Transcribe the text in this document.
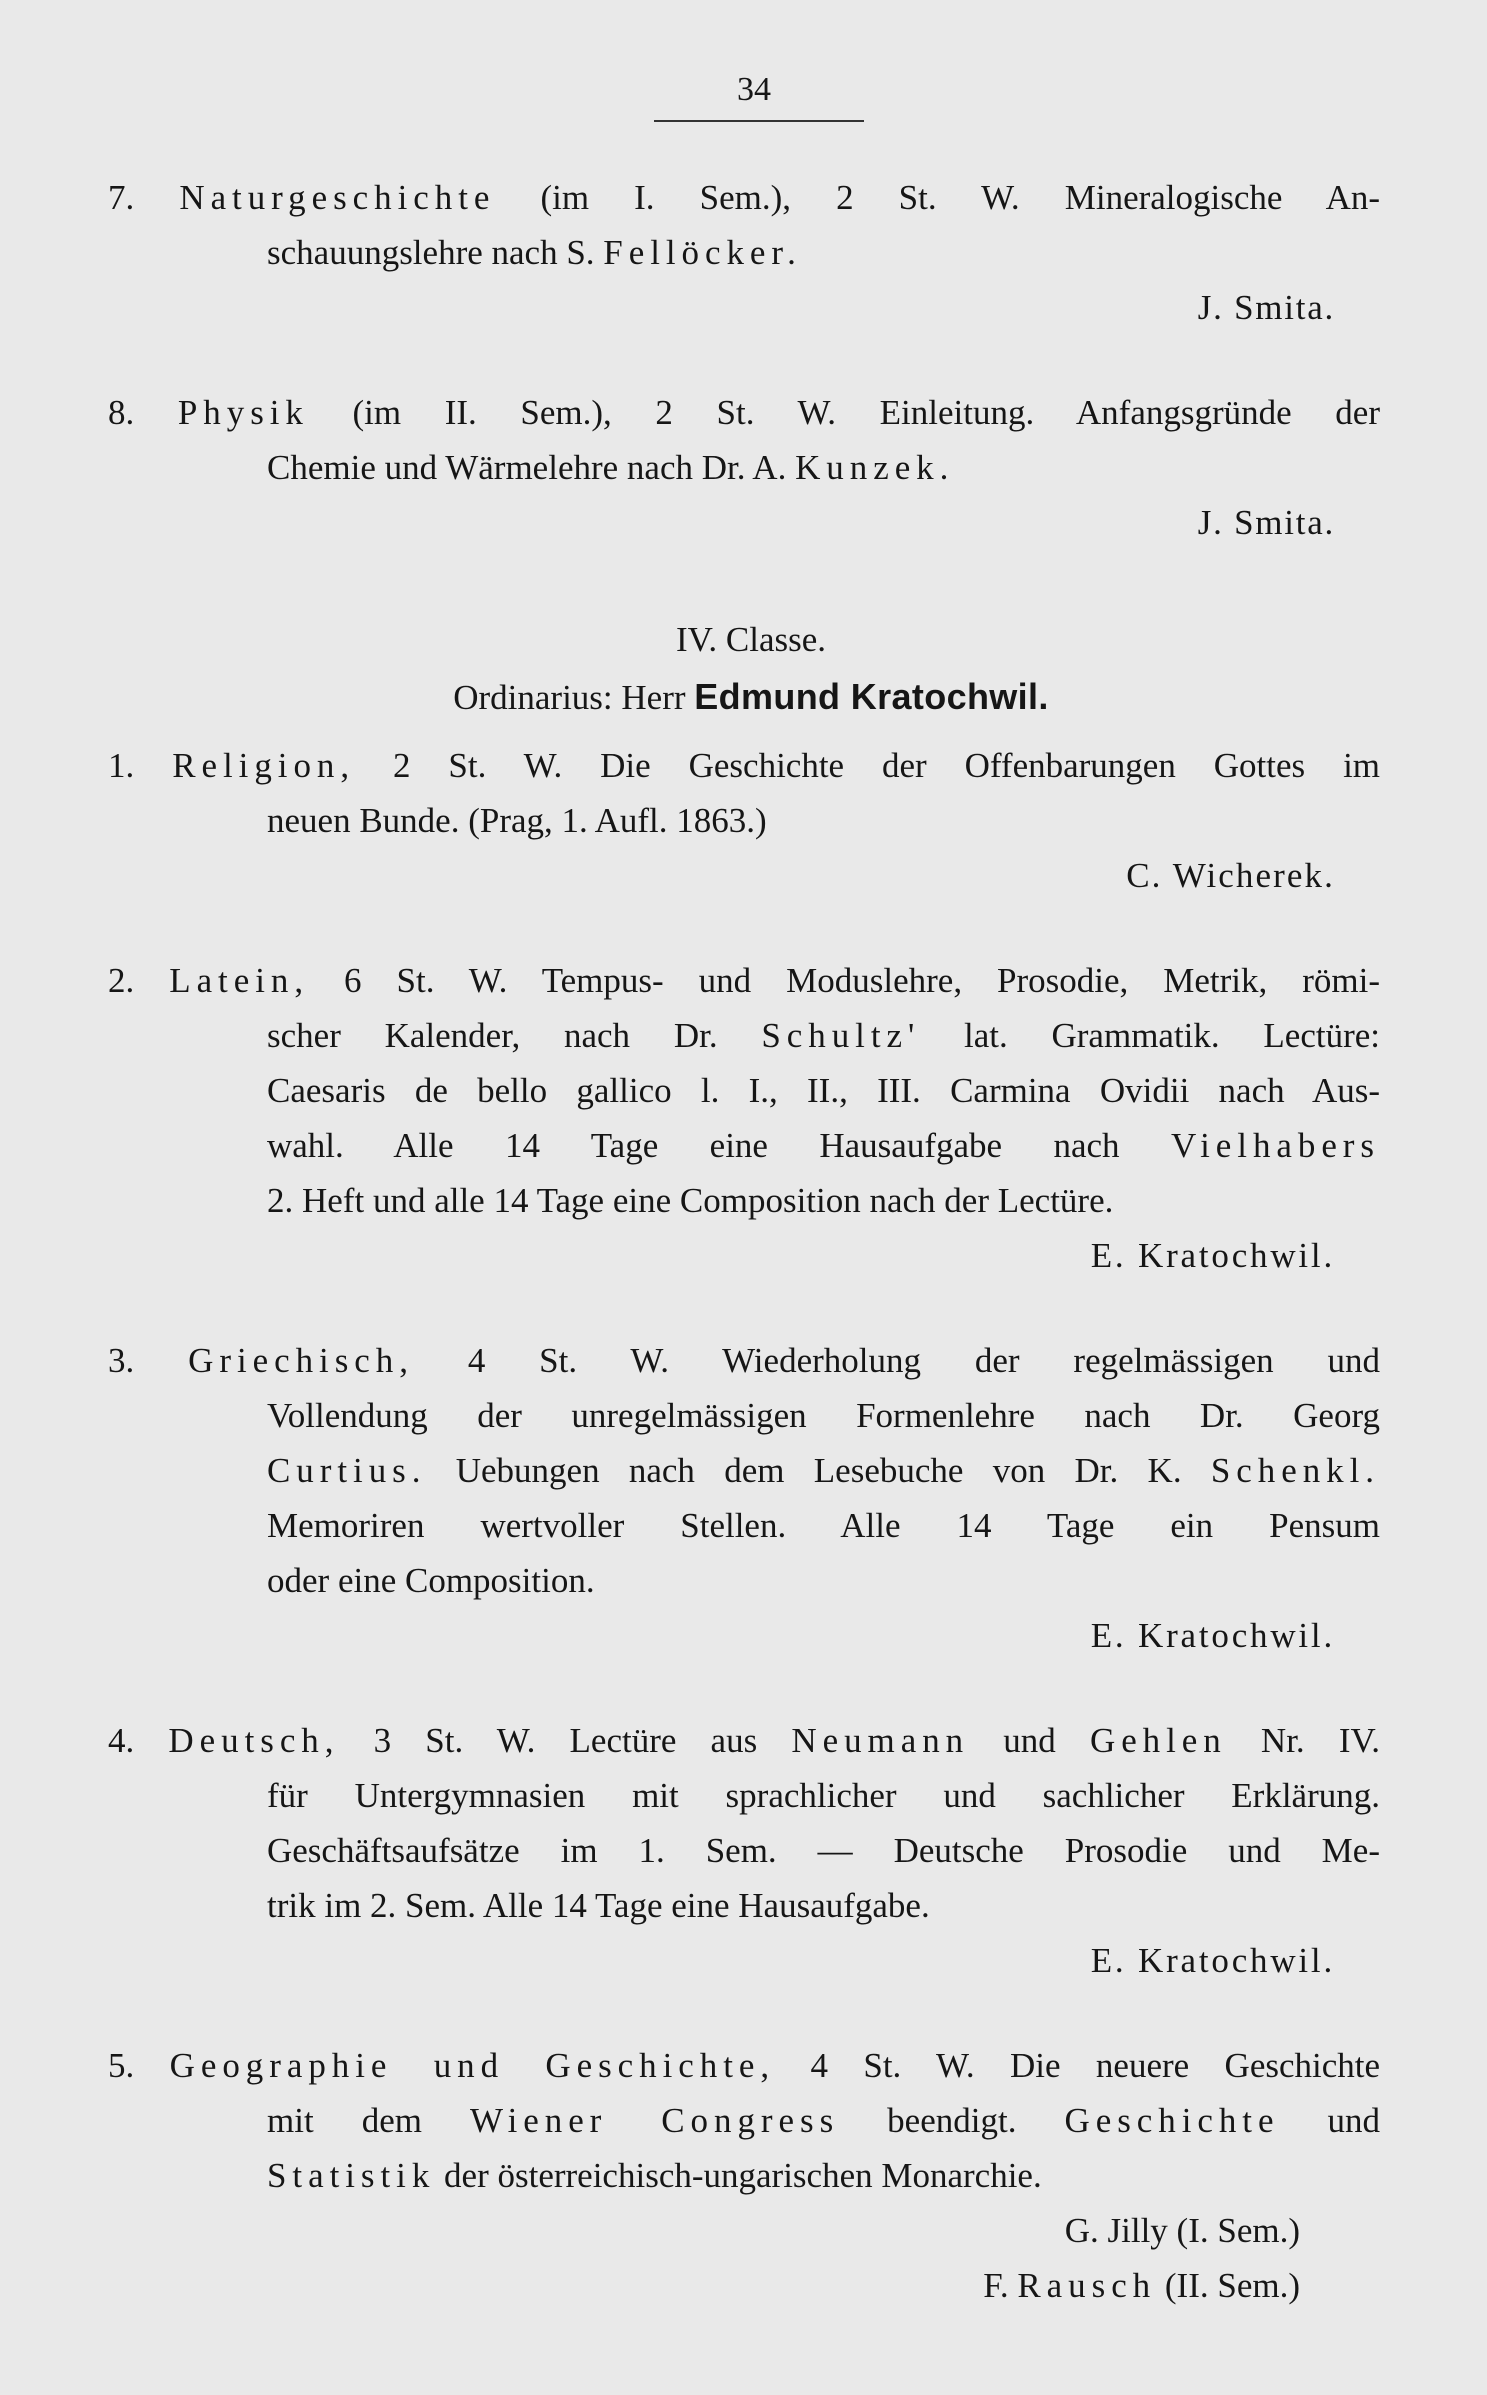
34
7. Naturgeschichte (im I. Sem.), 2 St. W. Mineralogische An-
schauungslehre nach S. Fellöcker.
J. Smita.
8. Physik (im II. Sem.), 2 St. W. Einleitung. Anfangsgründe der
Chemie und Wärmelehre nach Dr. A. Kunzek.
J. Smita.
IV. Classe.
Ordinarius: Herr Edmund Kratochwil.
1. Religion, 2 St. W. Die Geschichte der Offenbarungen Gottes im
neuen Bunde. (Prag, 1. Aufl. 1863.)
C. Wicherek.
2. Latein, 6 St. W. Tempus- und Moduslehre, Prosodie, Metrik, römi-
scher Kalender, nach Dr. Schultz' lat. Grammatik. Lectüre:
Caesaris de bello gallico l. I., II., III. Carmina Ovidii nach Aus-
wahl. Alle 14 Tage eine Hausaufgabe nach Vielhabers
2. Heft und alle 14 Tage eine Composition nach der Lectüre.
E. Kratochwil.
3. Griechisch, 4 St. W. Wiederholung der regelmässigen und
Vollendung der unregelmässigen Formenlehre nach Dr. Georg
Curtius. Uebungen nach dem Lesebuche von Dr. K. Schenkl.
Memoriren wertvoller Stellen. Alle 14 Tage ein Pensum
oder eine Composition.
E. Kratochwil.
4. Deutsch, 3 St. W. Lectüre aus Neumann und Gehlen Nr. IV.
für Untergymnasien mit sprachlicher und sachlicher Erklärung.
Geschäftsaufsätze im 1. Sem. — Deutsche Prosodie und Me-
trik im 2. Sem. Alle 14 Tage eine Hausaufgabe.
E. Kratochwil.
5. Geographie und Geschichte, 4 St. W. Die neuere Geschichte
mit dem Wiener Congress beendigt. Geschichte und
Statistik der österreichisch-ungarischen Monarchie.
G. Jilly (I. Sem.)
F. Rausch (II. Sem.)
